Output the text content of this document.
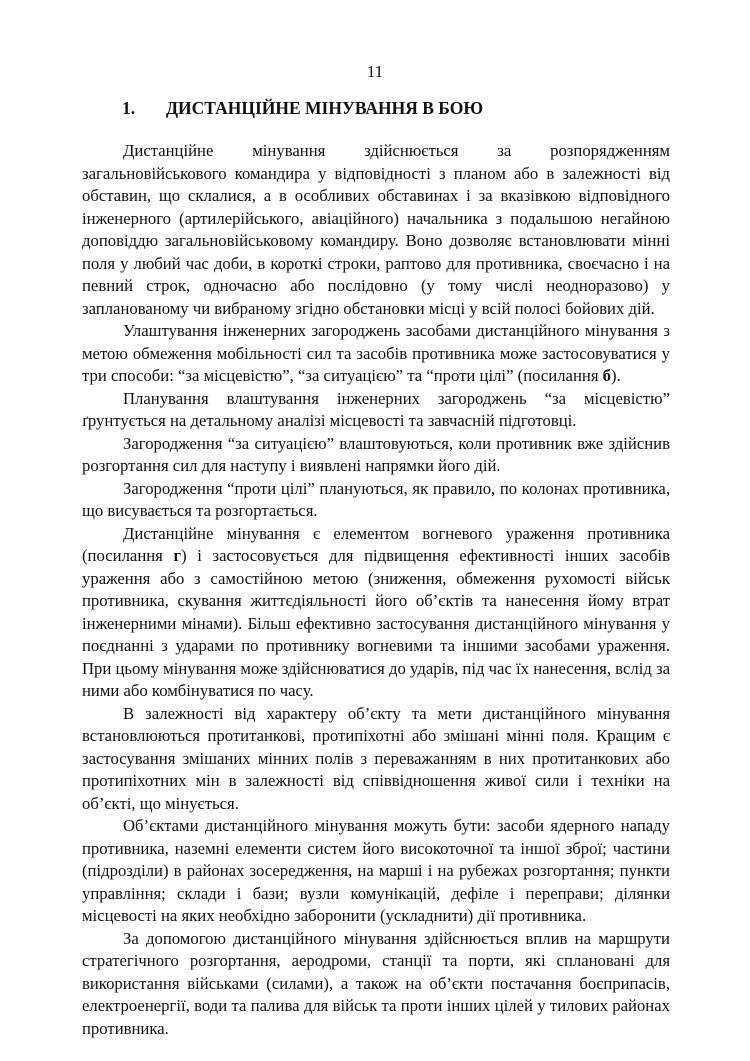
11
1. ДИСТАНЦІЙНЕ МІНУВАННЯ В БОЮ

Дистанційне мінування здійснюється за розпорядженням загальновійськового командира у відповідності з планом або в залежності від обставин, що склалися, а в особливих обставинах і за вказівкою відповідного інженерного (артилерійського, авіаційного) начальника з подальшою негайною доповіддю загальновійськовому командиру. Воно дозволяє встановлювати мінні поля у любий час доби, в короткі строки, раптово для противника, своєчасно і на певний строк, одночасно або послідовно (у тому числі неодноразово) у запланованому чи вибраному згідно обстановки місці у всій полосі бойових дій.

Улаштування інженерних загороджень засобами дистанційного мінування з метою обмеження мобільності сил та засобів противника може застосовуватися у три способи: “за місцевістю”, “за ситуацією” та “проти цілі” (посилання б).

Планування влаштування інженерних загороджень “за місцевістю” ґрунтується на детальному аналізі місцевості та завчасній підготовці.

Загородження “за ситуацією” влаштовуються, коли противник вже здійснив розгортання сил для наступу і виявлені напрямки його дій.

Загородження “проти цілі” плануються, як правило, по колонах противника, що висувається та розгортається.

Дистанційне мінування є елементом вогневого ураження противника (посилання г) і застосовується для підвищення ефективності інших засобів ураження або з самостійною метою (зниження, обмеження рухомості військ противника, скування життєдіяльності його об’єктів та нанесення йому втрат інженерними мінами). Більш ефективно застосування дистанційного мінування у поєднанні з ударами по противнику вогневими та іншими засобами ураження. При цьому мінування може здійснюватися до ударів, під час їх нанесення, вслід за ними або комбінуватися по часу.

В залежності від характеру об’єкту та мети дистанційного мінування встановлюються протитанкові, протипіхотні або змішані мінні поля. Кращим є застосування змішаних мінних полів з переважанням в них протитанкових або протипіхотних мін в залежності від співвідношення живої сили і техніки на об’єкті, що мінується.

Об’єктами дистанційного мінування можуть бути: засоби ядерного нападу противника, наземні елементи систем його високоточної та іншої зброї; частини (підрозділи) в районах зосередження, на марші і на рубежах розгортання; пункти управління; склади і бази; вузли комунікацій, дефіле і переправи; ділянки місцевості на яких необхідно заборонити (ускладнити) дії противника.

За допомогою дистанційного мінування здійснюється вплив на маршрути стратегічного розгортання, аеродроми, станції та порти, які сплановані для використання військами (силами), а також на об’єкти постачання боєприпасів, електроенергії, води та палива для військ та проти інших цілей у тилових районах противника.
